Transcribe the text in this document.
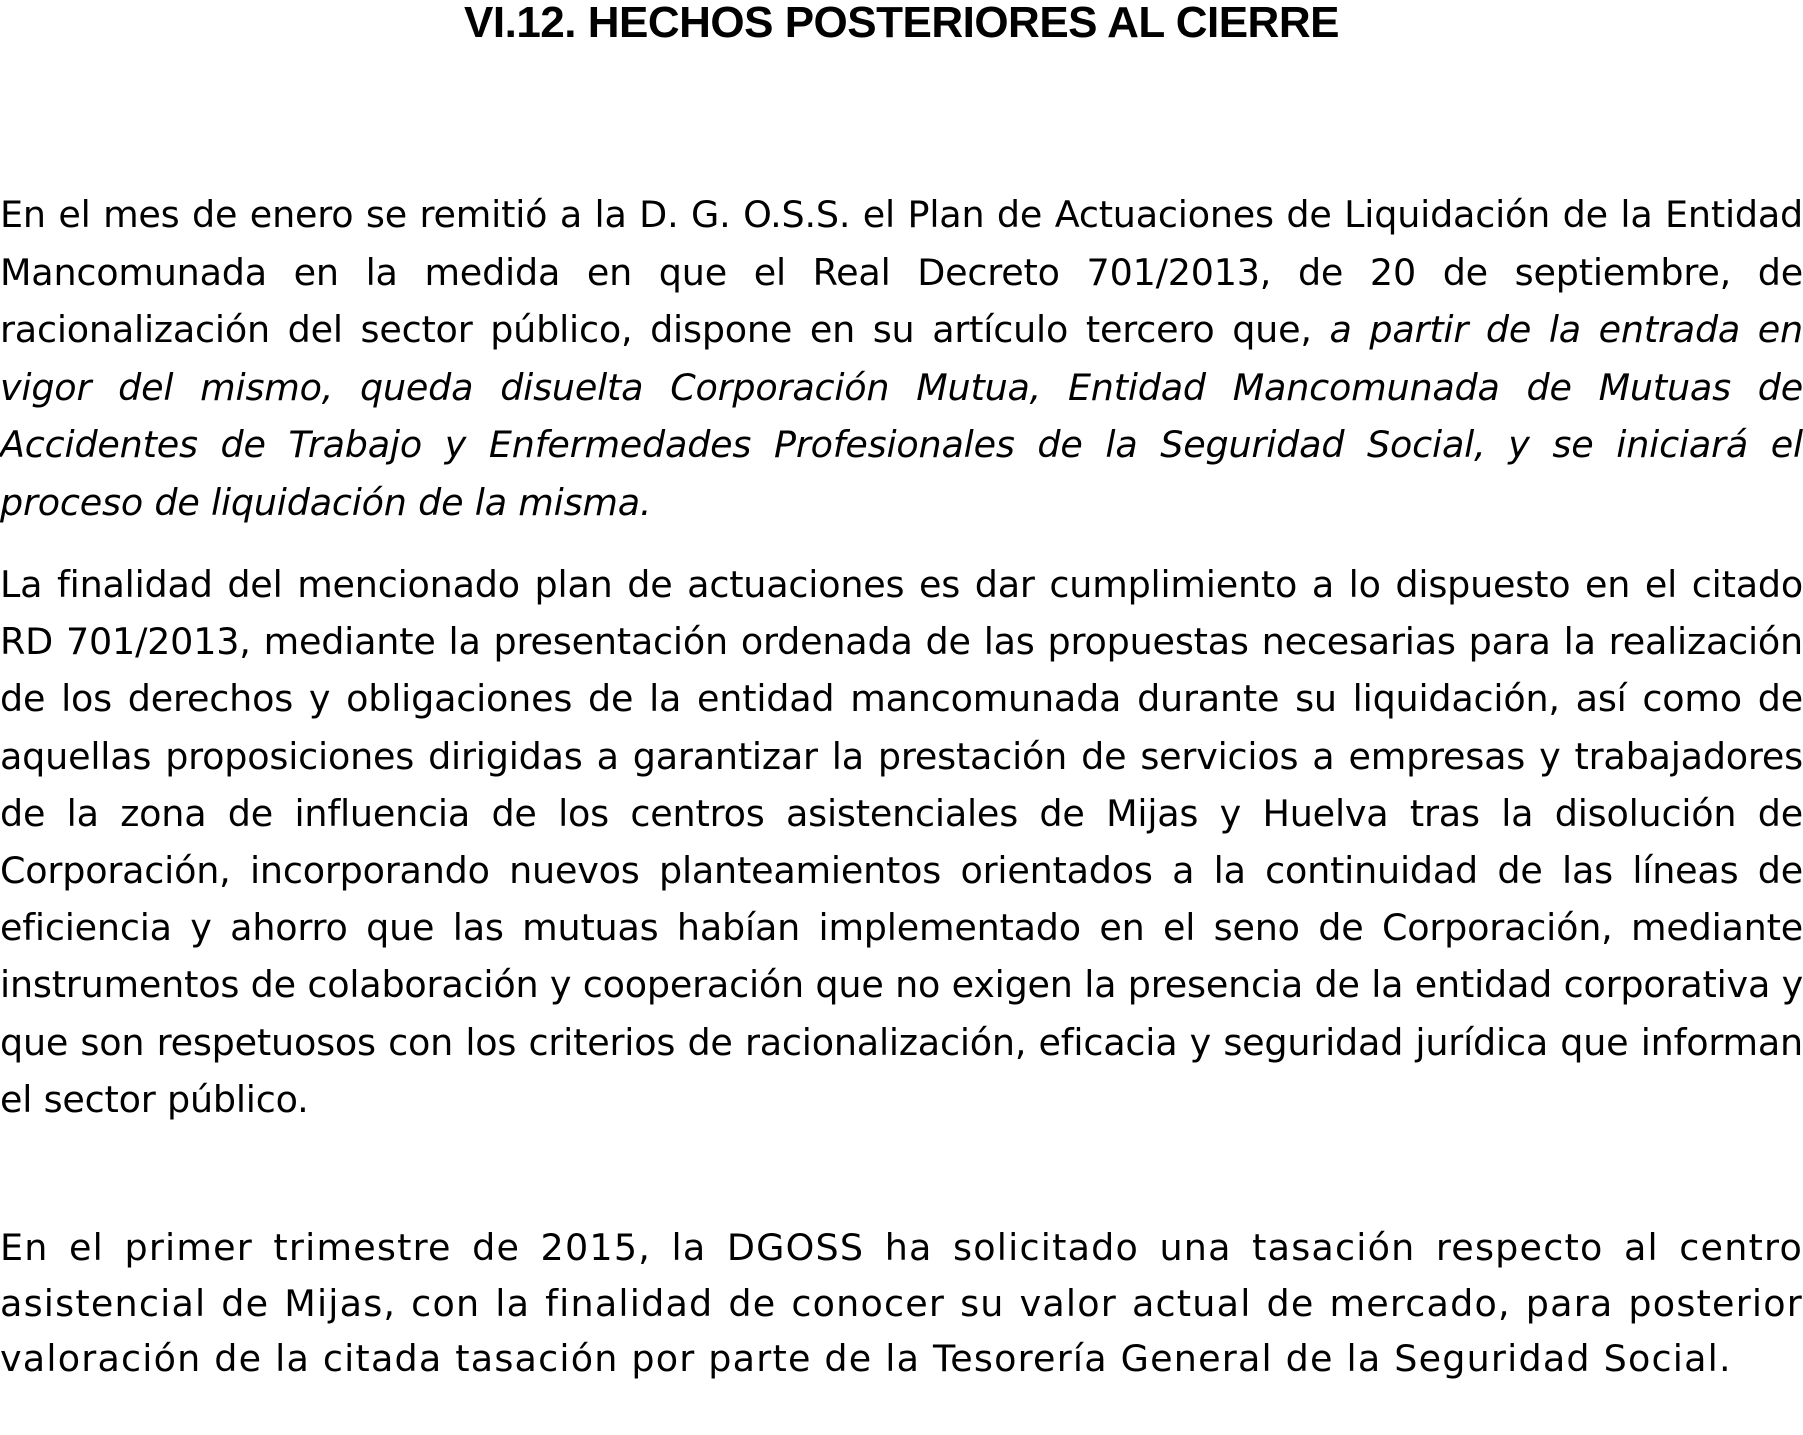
VI.12. HECHOS POSTERIORES AL CIERRE

En el mes de enero se remitió a la D. G. O.S.S. el Plan de Actuaciones de Liquidación de la Entidad Mancomunada en la medida en que el Real Decreto 701/2013, de 20 de septiembre, de racionalización del sector público, dispone en su artículo tercero que, a partir de la entrada en vigor del mismo, queda disuelta Corporación Mutua, Entidad Mancomunada de Mutuas de Accidentes de Trabajo y Enfermedades Profesionales de la Seguridad Social, y se iniciará el proceso de liquidación de la misma.

La finalidad del mencionado plan de actuaciones es dar cumplimiento a lo dispuesto en el citado RD 701/2013, mediante la presentación ordenada de las propuestas necesarias para la realización de los derechos y obligaciones de la entidad mancomunada durante su liquidación, así como de aquellas proposiciones dirigidas a garantizar la prestación de servicios a empresas y trabajadores de la zona de influencia de los centros asistenciales de Mijas y Huelva tras la disolución de Corporación, incorporando nuevos planteamientos orientados a la continuidad de las líneas de eficiencia y ahorro que las mutuas habían implementado en el seno de Corporación, mediante instrumentos de colaboración y cooperación que no exigen la presencia de la entidad corporativa y que son respetuosos con los criterios de racionalización, eficacia y seguridad jurídica que informan el sector público.

En el primer trimestre de 2015, la DGOSS ha solicitado una tasación respecto al centro asistencial de Mijas, con la finalidad de conocer su valor actual de mercado, para posterior valoración de la citada tasación por parte de la Tesorería General de la Seguridad Social.
